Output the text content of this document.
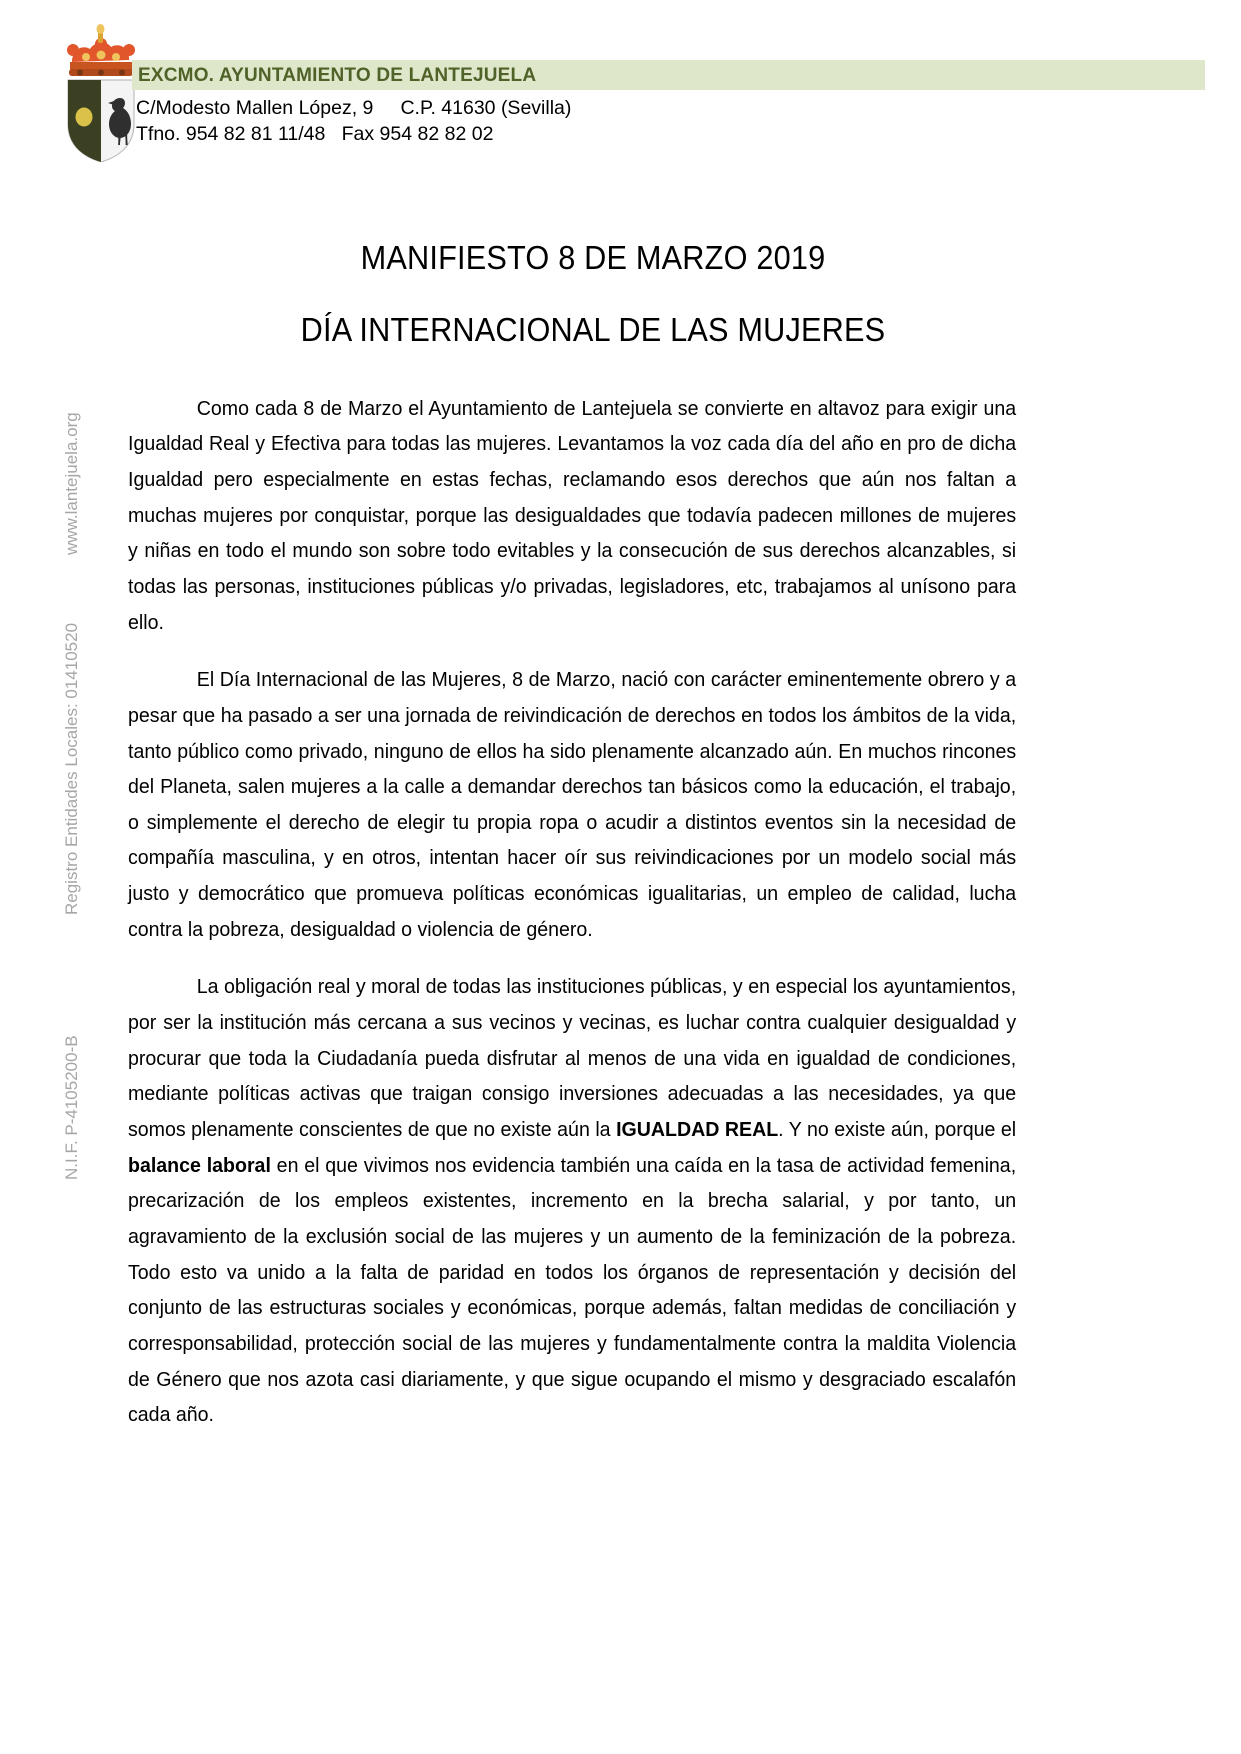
EXCMO. AYUNTAMIENTO DE LANTEJUELA
C/Modesto Mallen López, 9     C.P. 41630 (Sevilla)
Tfno. 954 82 81 11/48   Fax 954 82 82 02
www.lantejuela.org
Registro Entidades Locales: 01410520
N.I.F. P-4105200-B
MANIFIESTO 8 DE MARZO 2019
DÍA INTERNACIONAL DE LAS MUJERES

Como cada 8 de Marzo el Ayuntamiento de Lantejuela se convierte en altavoz para exigir una Igualdad Real y Efectiva para todas las mujeres. Levantamos la voz cada día del año en pro de dicha Igualdad pero especialmente en estas fechas, reclamando esos derechos que aún nos faltan a muchas mujeres por conquistar, porque las desigualdades que todavía padecen millones de mujeres y niñas en todo el mundo son sobre todo evitables y la consecución de sus derechos alcanzables, si todas las personas, instituciones públicas y/o privadas, legisladores, etc, trabajamos al unísono para ello.

El Día Internacional de las Mujeres, 8 de Marzo, nació con carácter eminentemente obrero y a pesar que ha pasado a ser una jornada de reivindicación de derechos en todos los ámbitos de la vida, tanto público como privado, ninguno de ellos ha sido plenamente alcanzado aún. En muchos rincones del Planeta, salen mujeres a la calle a demandar derechos tan básicos como la educación, el trabajo, o simplemente el derecho de elegir tu propia ropa o acudir a distintos eventos sin la necesidad de compañía masculina, y en otros, intentan hacer oír sus reivindicaciones por un modelo social más justo y democrático que promueva políticas económicas igualitarias, un empleo de calidad, lucha contra la pobreza, desigualdad o violencia de género.

La obligación real y moral de todas las instituciones públicas, y en especial los ayuntamientos, por ser la institución más cercana a sus vecinos y vecinas, es luchar contra cualquier desigualdad y procurar que toda la Ciudadanía pueda disfrutar al menos de una vida en igualdad de condiciones, mediante políticas activas que traigan consigo inversiones adecuadas a las necesidades, ya que somos plenamente conscientes de que no existe aún la IGUALDAD REAL. Y no existe aún, porque el balance laboral en el que vivimos nos evidencia también una caída en la tasa de actividad femenina, precarización de los empleos existentes, incremento en la brecha salarial, y por tanto, un agravamiento de la exclusión social de las mujeres y un aumento de la feminización de la pobreza. Todo esto va unido a la falta de paridad en todos los órganos de representación y decisión del conjunto de las estructuras sociales y económicas, porque además, faltan medidas de conciliación y corresponsabilidad, protección social de las mujeres y fundamentalmente contra la maldita Violencia de Género que nos azota casi diariamente, y que sigue ocupando el mismo y desgraciado escalafón cada año.
